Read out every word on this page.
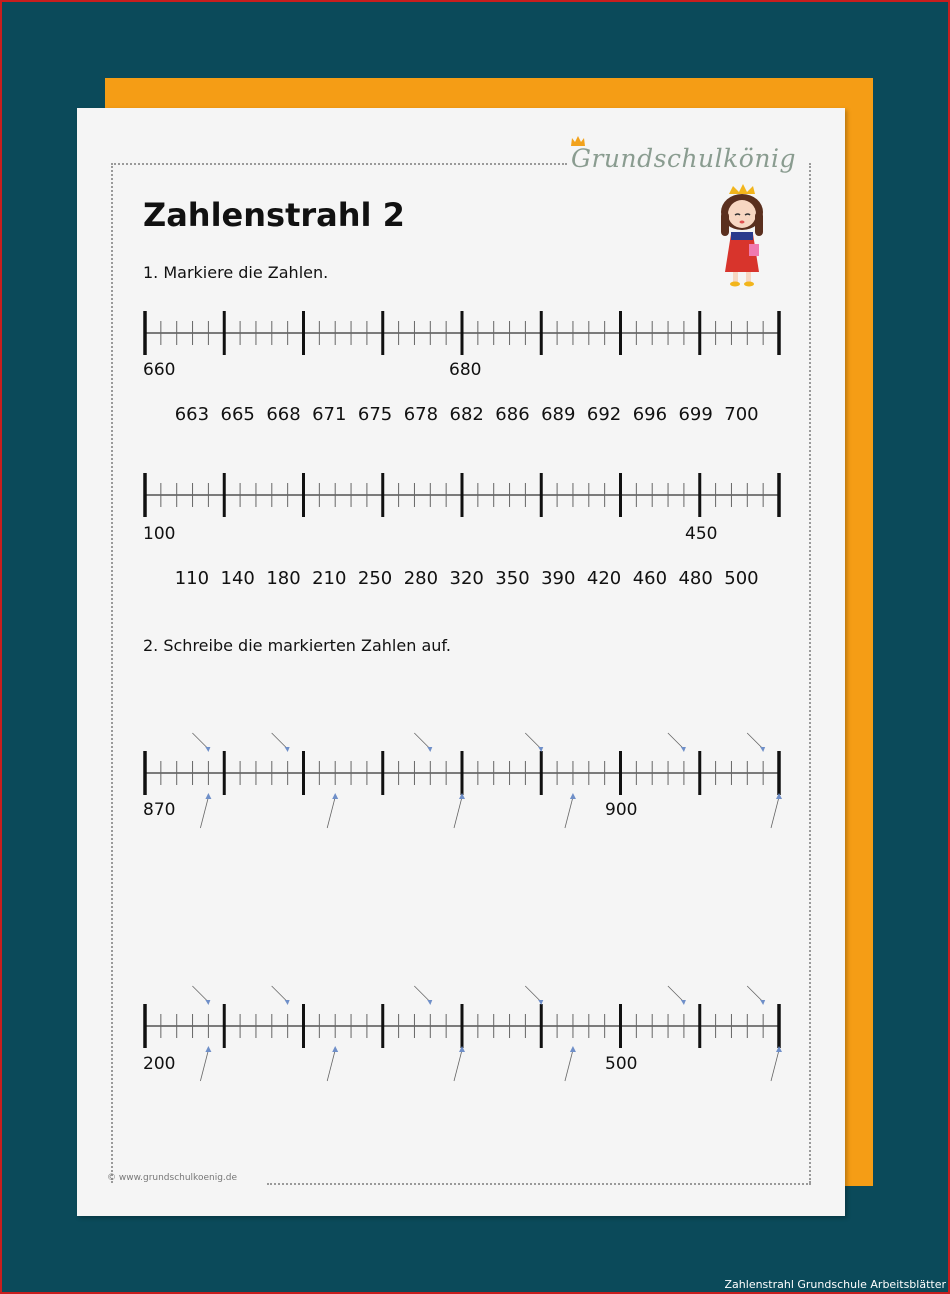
Grundschulkönig
Zahlenstrahl 2
1. Markiere die Zahlen.
660	680
663 665 668 671 675 678 682 686 689 692 696 699 700
100	450
110 140 180 210 250 280 320 350 390 420 460 480 500
2. Schreibe die markierten Zahlen auf.
870	900
200	500
© www.grundschulkoenig.de
Zahlenstrahl Grundschule Arbeitsblätter
